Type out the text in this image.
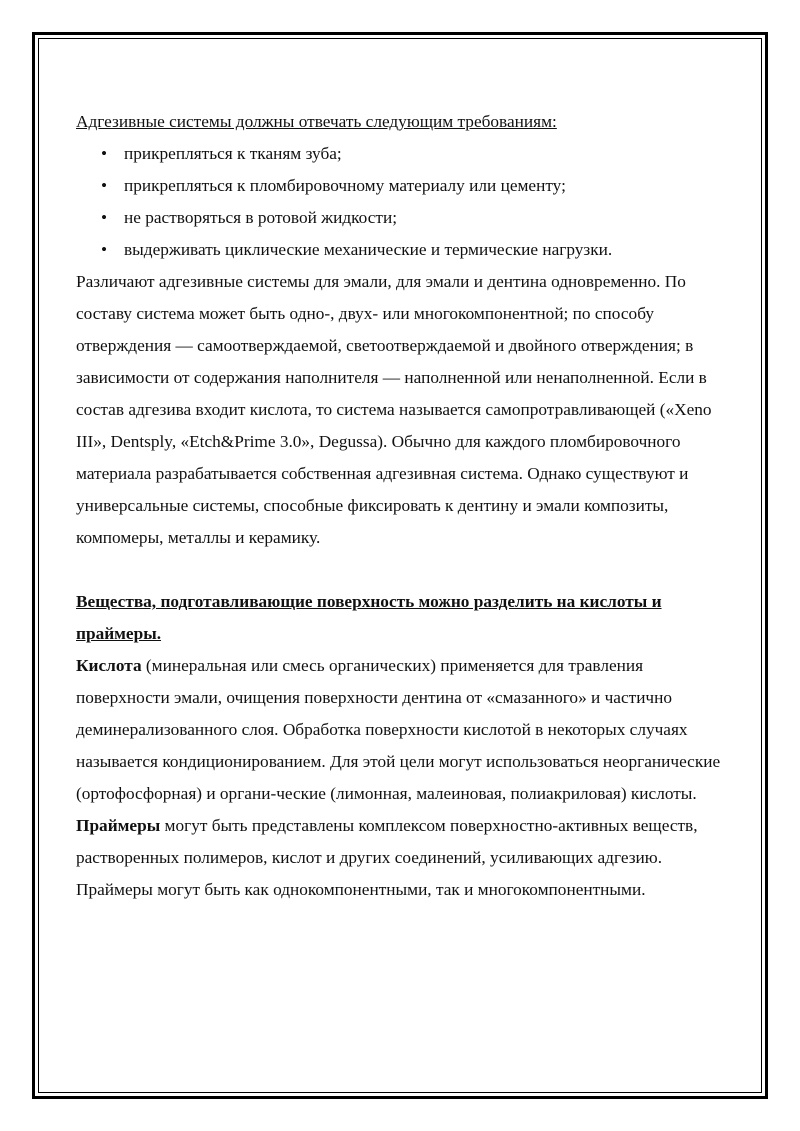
Адгезивные системы должны отвечать следующим требованиям:

• прикрепляться к тканям зуба;
• прикрепляться к пломбировочному материалу или цементу;
• не растворяться в ротовой жидкости;
• выдерживать циклические механические и термические нагрузки.

Различают адгезивные системы для эмали, для эмали и дентина одновременно. По составу система может быть одно-, двух- или многокомпонентной; по способу отверждения — самоотверждаемой, светоотверждаемой и двойного отверждения; в зависимости от содержания наполнителя — наполненной или ненаполненной. Если в состав адгезива входит кислота, то система называется самопротравливающей («Xeno III», Dentsply, «Etch&Prime 3.0», Degussa). Обычно для каждого пломбировочного материала разрабатывается собственная адгезивная система. Однако существуют и универсальные системы, способные фиксировать к дентину и эмали композиты, компомеры, металлы и керамику.

Вещества, подготавливающие поверхность можно разделить на кислоты и праймеры.

Кислота (минеральная или смесь органических) применяется для травления поверхности эмали, очищения поверхности дентина от «смазанного» и частично деминерализованного слоя. Обработка поверхности кислотой в некоторых случаях называется кондиционированием. Для этой цели могут использоваться неорганические (ортофосфорная) и органи-ческие (лимонная, малеиновая, полиакриловая) кислоты.

Праймеры могут быть представлены комплексом поверхностно-активных веществ, растворенных полимеров, кислот и других соединений, усиливающих адгезию. Праймеры могут быть как однокомпонентными, так и многокомпонентными.
